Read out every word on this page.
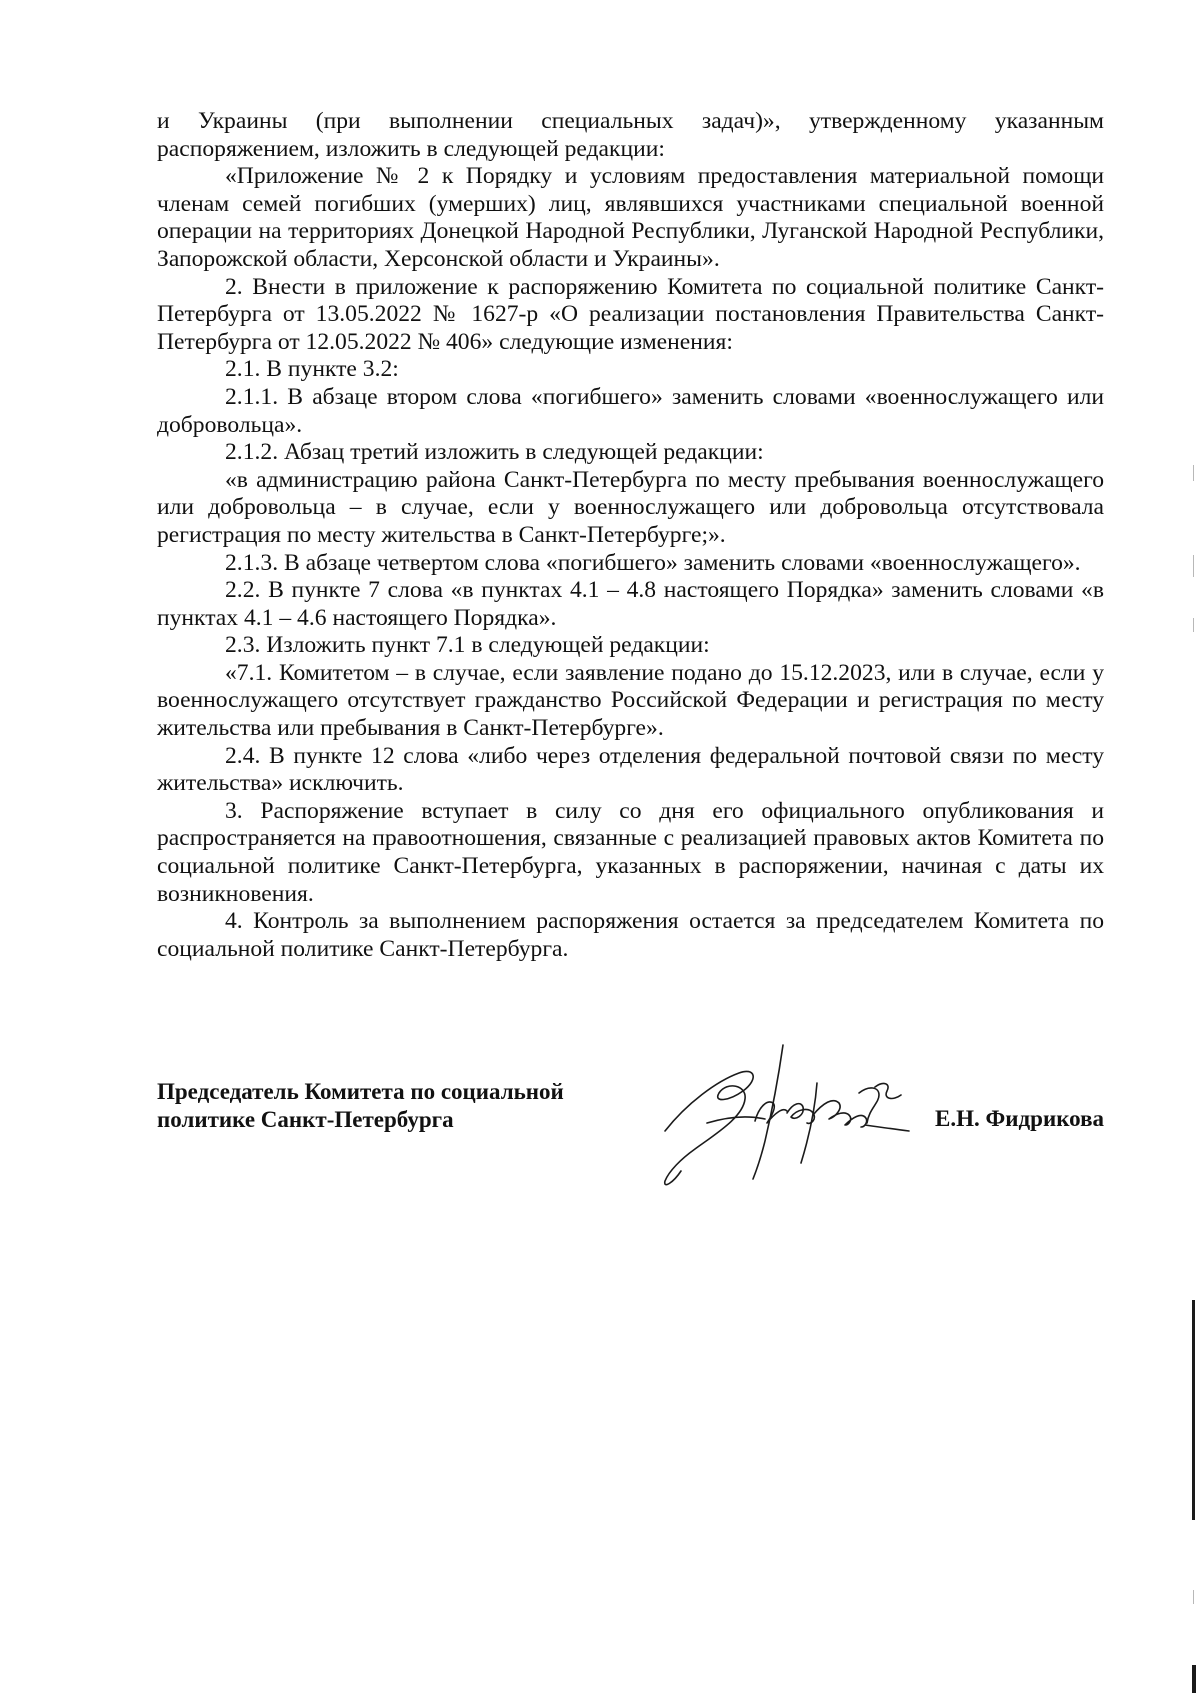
и Украины (при выполнении специальных задач)», утвержденному указанным распоряжением, изложить в следующей редакции:

«Приложение № 2 к Порядку и условиям предоставления материальной помощи членам семей погибших (умерших) лиц, являвшихся участниками специальной военной операции на территориях Донецкой Народной Республики, Луганской Народной Республики, Запорожской области, Херсонской области и Украины».

2. Внести в приложение к распоряжению Комитета по социальной политике Санкт-Петербурга от 13.05.2022 № 1627-р «О реализации постановления Правительства Санкт-Петербурга от 12.05.2022 № 406» следующие изменения:

2.1. В пункте 3.2:

2.1.1. В абзаце втором слова «погибшего» заменить словами «военнослужащего или добровольца».

2.1.2. Абзац третий изложить в следующей редакции:

«в администрацию района Санкт-Петербурга по месту пребывания военнослужащего или добровольца – в случае, если у военнослужащего или добровольца отсутствовала регистрация по месту жительства в Санкт-Петербурге;».

2.1.3. В абзаце четвертом слова «погибшего» заменить словами «военнослужащего».

2.2. В пункте 7 слова «в пунктах 4.1 – 4.8 настоящего Порядка» заменить словами «в пунктах 4.1 – 4.6 настоящего Порядка».

2.3. Изложить пункт 7.1 в следующей редакции:

«7.1. Комитетом – в случае, если заявление подано до 15.12.2023, или в случае, если у военнослужащего отсутствует гражданство Российской Федерации и регистрация по месту жительства или пребывания в Санкт-Петербурге».

2.4. В пункте 12 слова «либо через отделения федеральной почтовой связи по месту жительства» исключить.

3. Распоряжение вступает в силу со дня его официального опубликования и распространяется на правоотношения, связанные с реализацией правовых актов Комитета по социальной политике Санкт-Петербурга, указанных в распоряжении, начиная с даты их возникновения.

4. Контроль за выполнением распоряжения остается за председателем Комитета по социальной политике Санкт-Петербурга.

Председатель Комитета по социальной политике Санкт-Петербурга	Е.Н. Фидрикова
